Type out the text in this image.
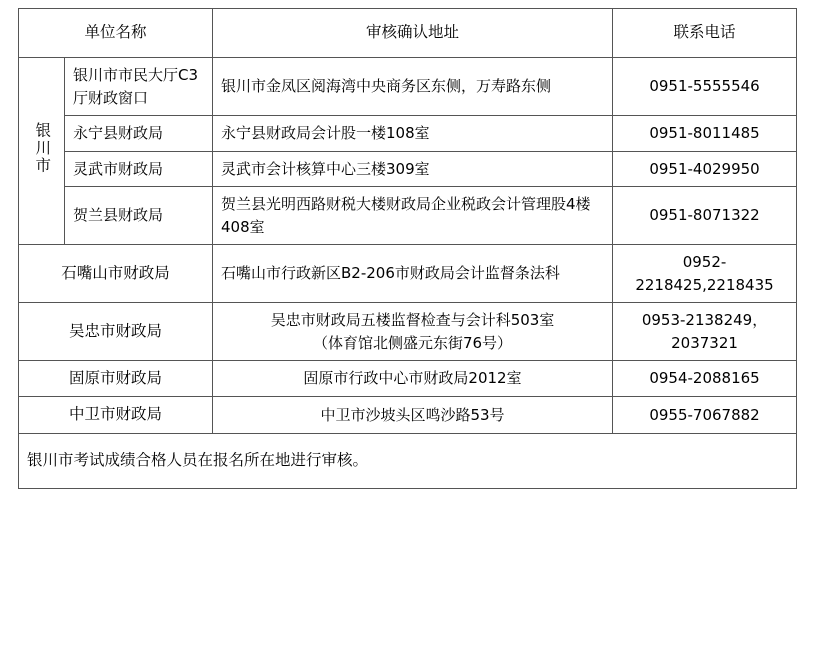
单位名称		审核确认地址	联系电话
银川市	银川市市民大厅C3厅财政窗口	银川市金凤区阅海湾中央商务区东侧，万寿路东侧	0951-5555546
	永宁县财政局	永宁县财政局会计股一楼108室	0951-8011485
	灵武市财政局	灵武市会计核算中心三楼309室	0951-4029950
	贺兰县财政局	贺兰县光明西路财税大楼财政局企业税政会计管理股4楼408室	0951-8071322
石嘴山市财政局		石嘴山市行政新区B2-206市财政局会计监督条法科	0952-
2218425,2218435

吴忠市财政局		吴忠市财政局五楼监督检查与会计科503室
（体育馆北侧盛元东街76号）	0953-2138249，
2037321

固原市财政局		固原市行政中心市财政局2012室	0954-2088165
中卫市财政局		中卫市沙坡头区鸣沙路53号	0955-7067882
银川市考试成绩合格人员在报名所在地进行审核。			
